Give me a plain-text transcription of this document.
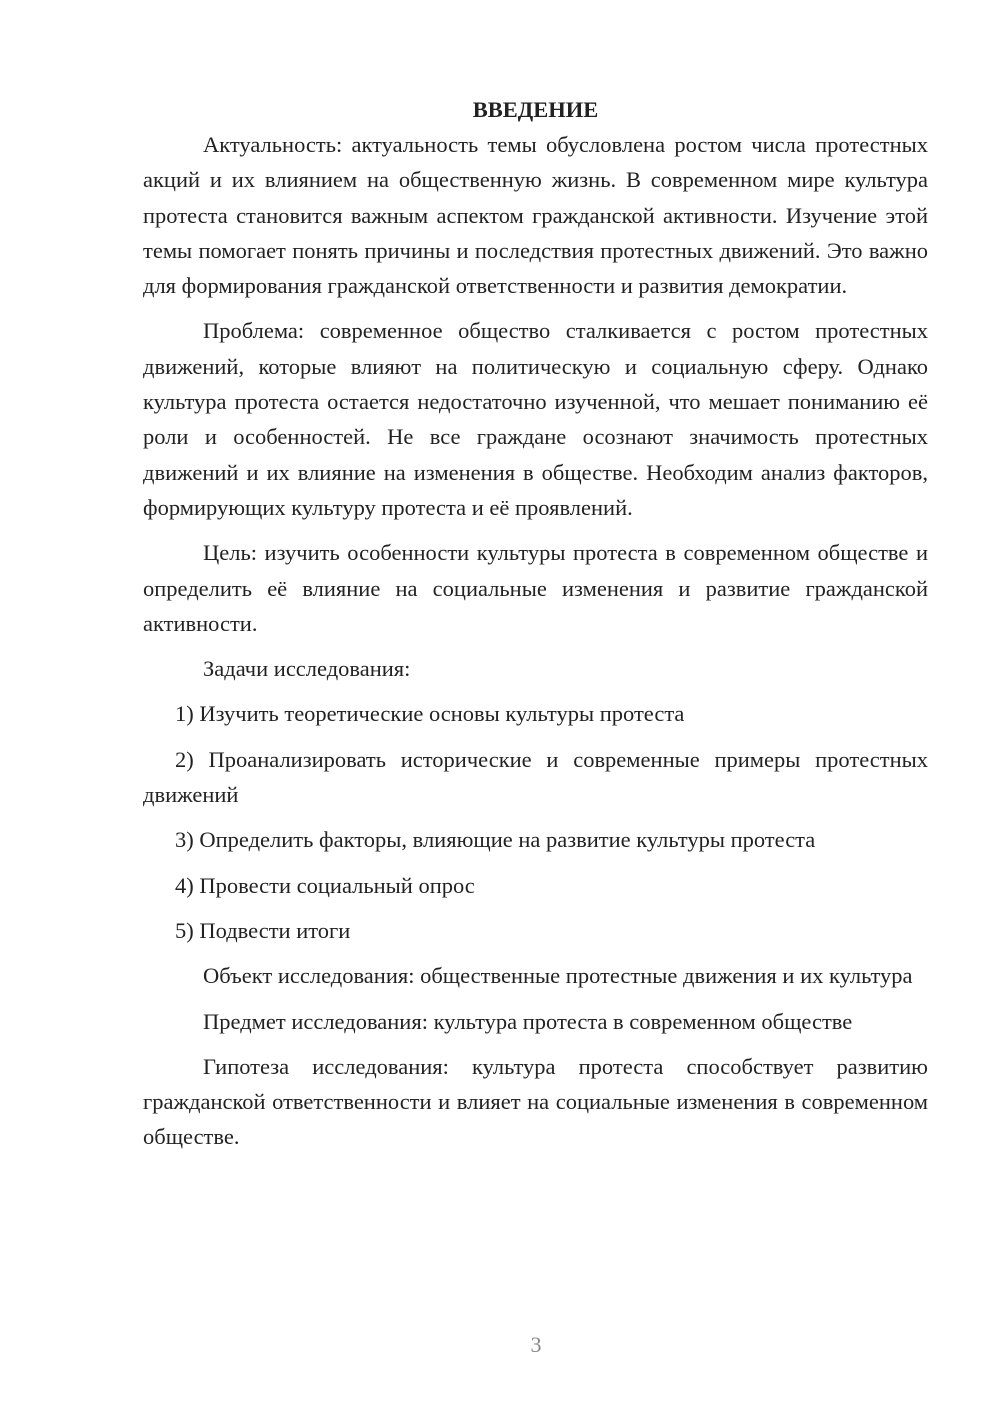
ВВЕДЕНИЕ

Актуальность: актуальность темы обусловлена ростом числа протестных акций и их влиянием на общественную жизнь. В современном мире культура протеста становится важным аспектом гражданской активности. Изучение этой темы помогает понять причины и последствия протестных движений. Это важно для формирования гражданской ответственности и развития демократии.

Проблема: современное общество сталкивается с ростом протестных движений, которые влияют на политическую и социальную сферу. Однако культура протеста остается недостаточно изученной, что мешает пониманию её роли и особенностей. Не все граждане осознают значимость протестных движений и их влияние на изменения в обществе. Необходим анализ факторов, формирующих культуру протеста и её проявлений.

Цель: изучить особенности культуры протеста в современном обществе и определить её влияние на социальные изменения и развитие гражданской активности.

Задачи исследования:

1) Изучить теоретические основы культуры протеста

2) Проанализировать исторические и современные примеры протестных движений

3) Определить факторы, влияющие на развитие культуры протеста

4) Провести социальный опрос

5) Подвести итоги

Объект исследования: общественные протестные движения и их культура

Предмет исследования: культура протеста в современном обществе

Гипотеза исследования: культура протеста способствует развитию гражданской ответственности и влияет на социальные изменения в современном обществе.

3
